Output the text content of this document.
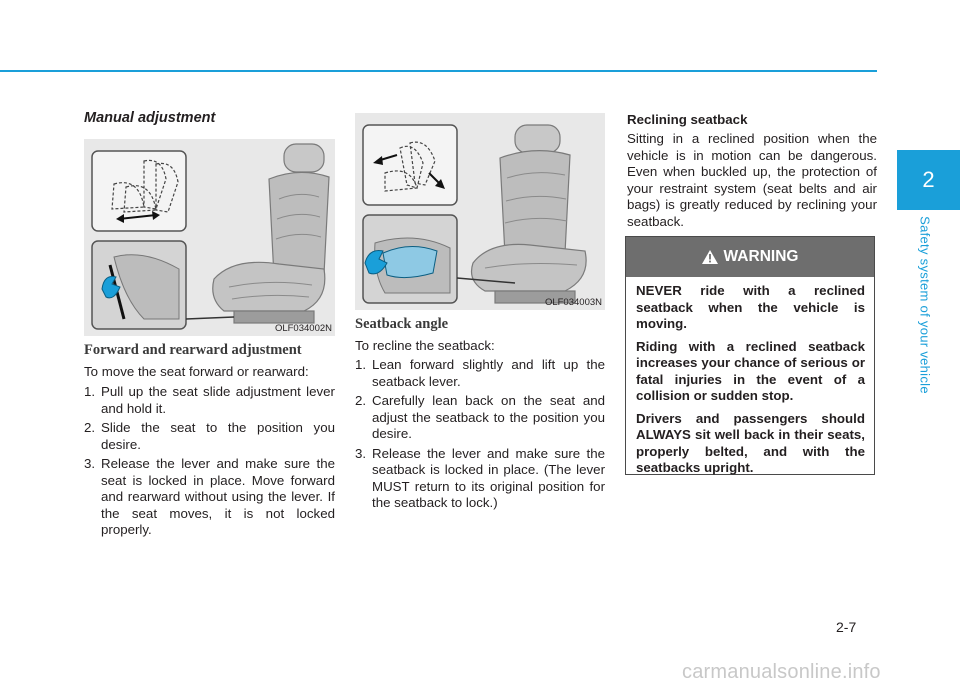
2
Safety system of your vehicle
Manual adjustment
OLF034002N
Forward and rearward adjustment
To move the seat forward or rearward:
1. Pull up the seat slide adjustment lever and hold it.
2. Slide the seat to the position you desire.
3. Release the lever and make sure the seat is locked in place. Move forward and rearward without using the lever. If the seat moves, it is not locked properly.
OLF034003N
Seatback angle
To recline the seatback:
1. Lean forward slightly and lift up the seatback lever.
2. Carefully lean back on the seat and adjust the seatback to the position you desire.
3. Release the lever and make sure the seatback is locked in place. (The lever MUST return to its original position for the seatback to lock.)
Reclining seatback
Sitting in a reclined position when the vehicle is in motion can be dangerous. Even when buckled up, the protection of your restraint system (seat belts and air bags) is greatly reduced by reclining your seatback.
WARNING

NEVER ride with a reclined seatback when the vehicle is moving.

Riding with a reclined seatback increases your chance of serious or fatal injuries in the event of a collision or sudden stop.

Drivers and passengers should ALWAYS sit well back in their seats, properly belted, and with the seatbacks upright.

2-7
carmanualsonline.info
